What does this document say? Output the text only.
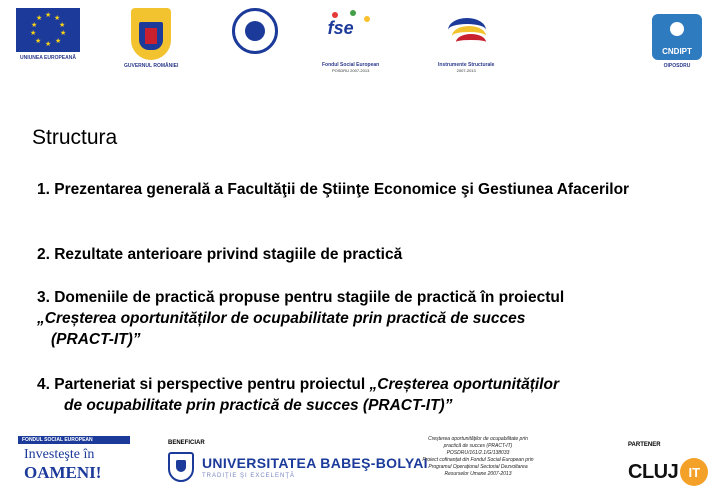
★ ★
★
★
★
★
★
★
★
★
UNIUNEA EUROPEANĂ
GUVERNUL ROMÂNIEI
fse
Fondul Social European
POSDRU 2007-2013
Instrumente Structurale
2007-2013
CNDIPT
OIPOSDRU
Structura
1. Prezentarea generală a Facultăţii de Ştiinţe Economice şi Gestiunea Afacerilor
2. Rezultate anterioare privind stagiile de practică
3. Domeniile de practică propuse pentru stagiile de practică în proiectul
„Creșterea oportunităților de ocupabilitate prin practică de succes
(PRACT-IT)”
4. Parteneriat si perspective pentru proiectul „Creșterea oportunităților
de ocupabilitate prin practică de succes (PRACT-IT)”
FONDUL SOCIAL EUROPEAN
Investeşte în
OAMENI!
BENEFICIAR
UNIVERSITATEA BABEŞ-BOLYAI
TRADIŢIE ŞI EXCELENŢĂ
Creşterea oportunităţilor de ocupabilitate prin
practică de succes (PRACT-IT)
POSDRU/161/2.1/G/138033
Proiect cofinanţat din Fondul Social European prin
Programul Operaţional Sectorial Dezvoltarea
Resurselor Umane 2007-2013
PARTENER
CLUJ IT
